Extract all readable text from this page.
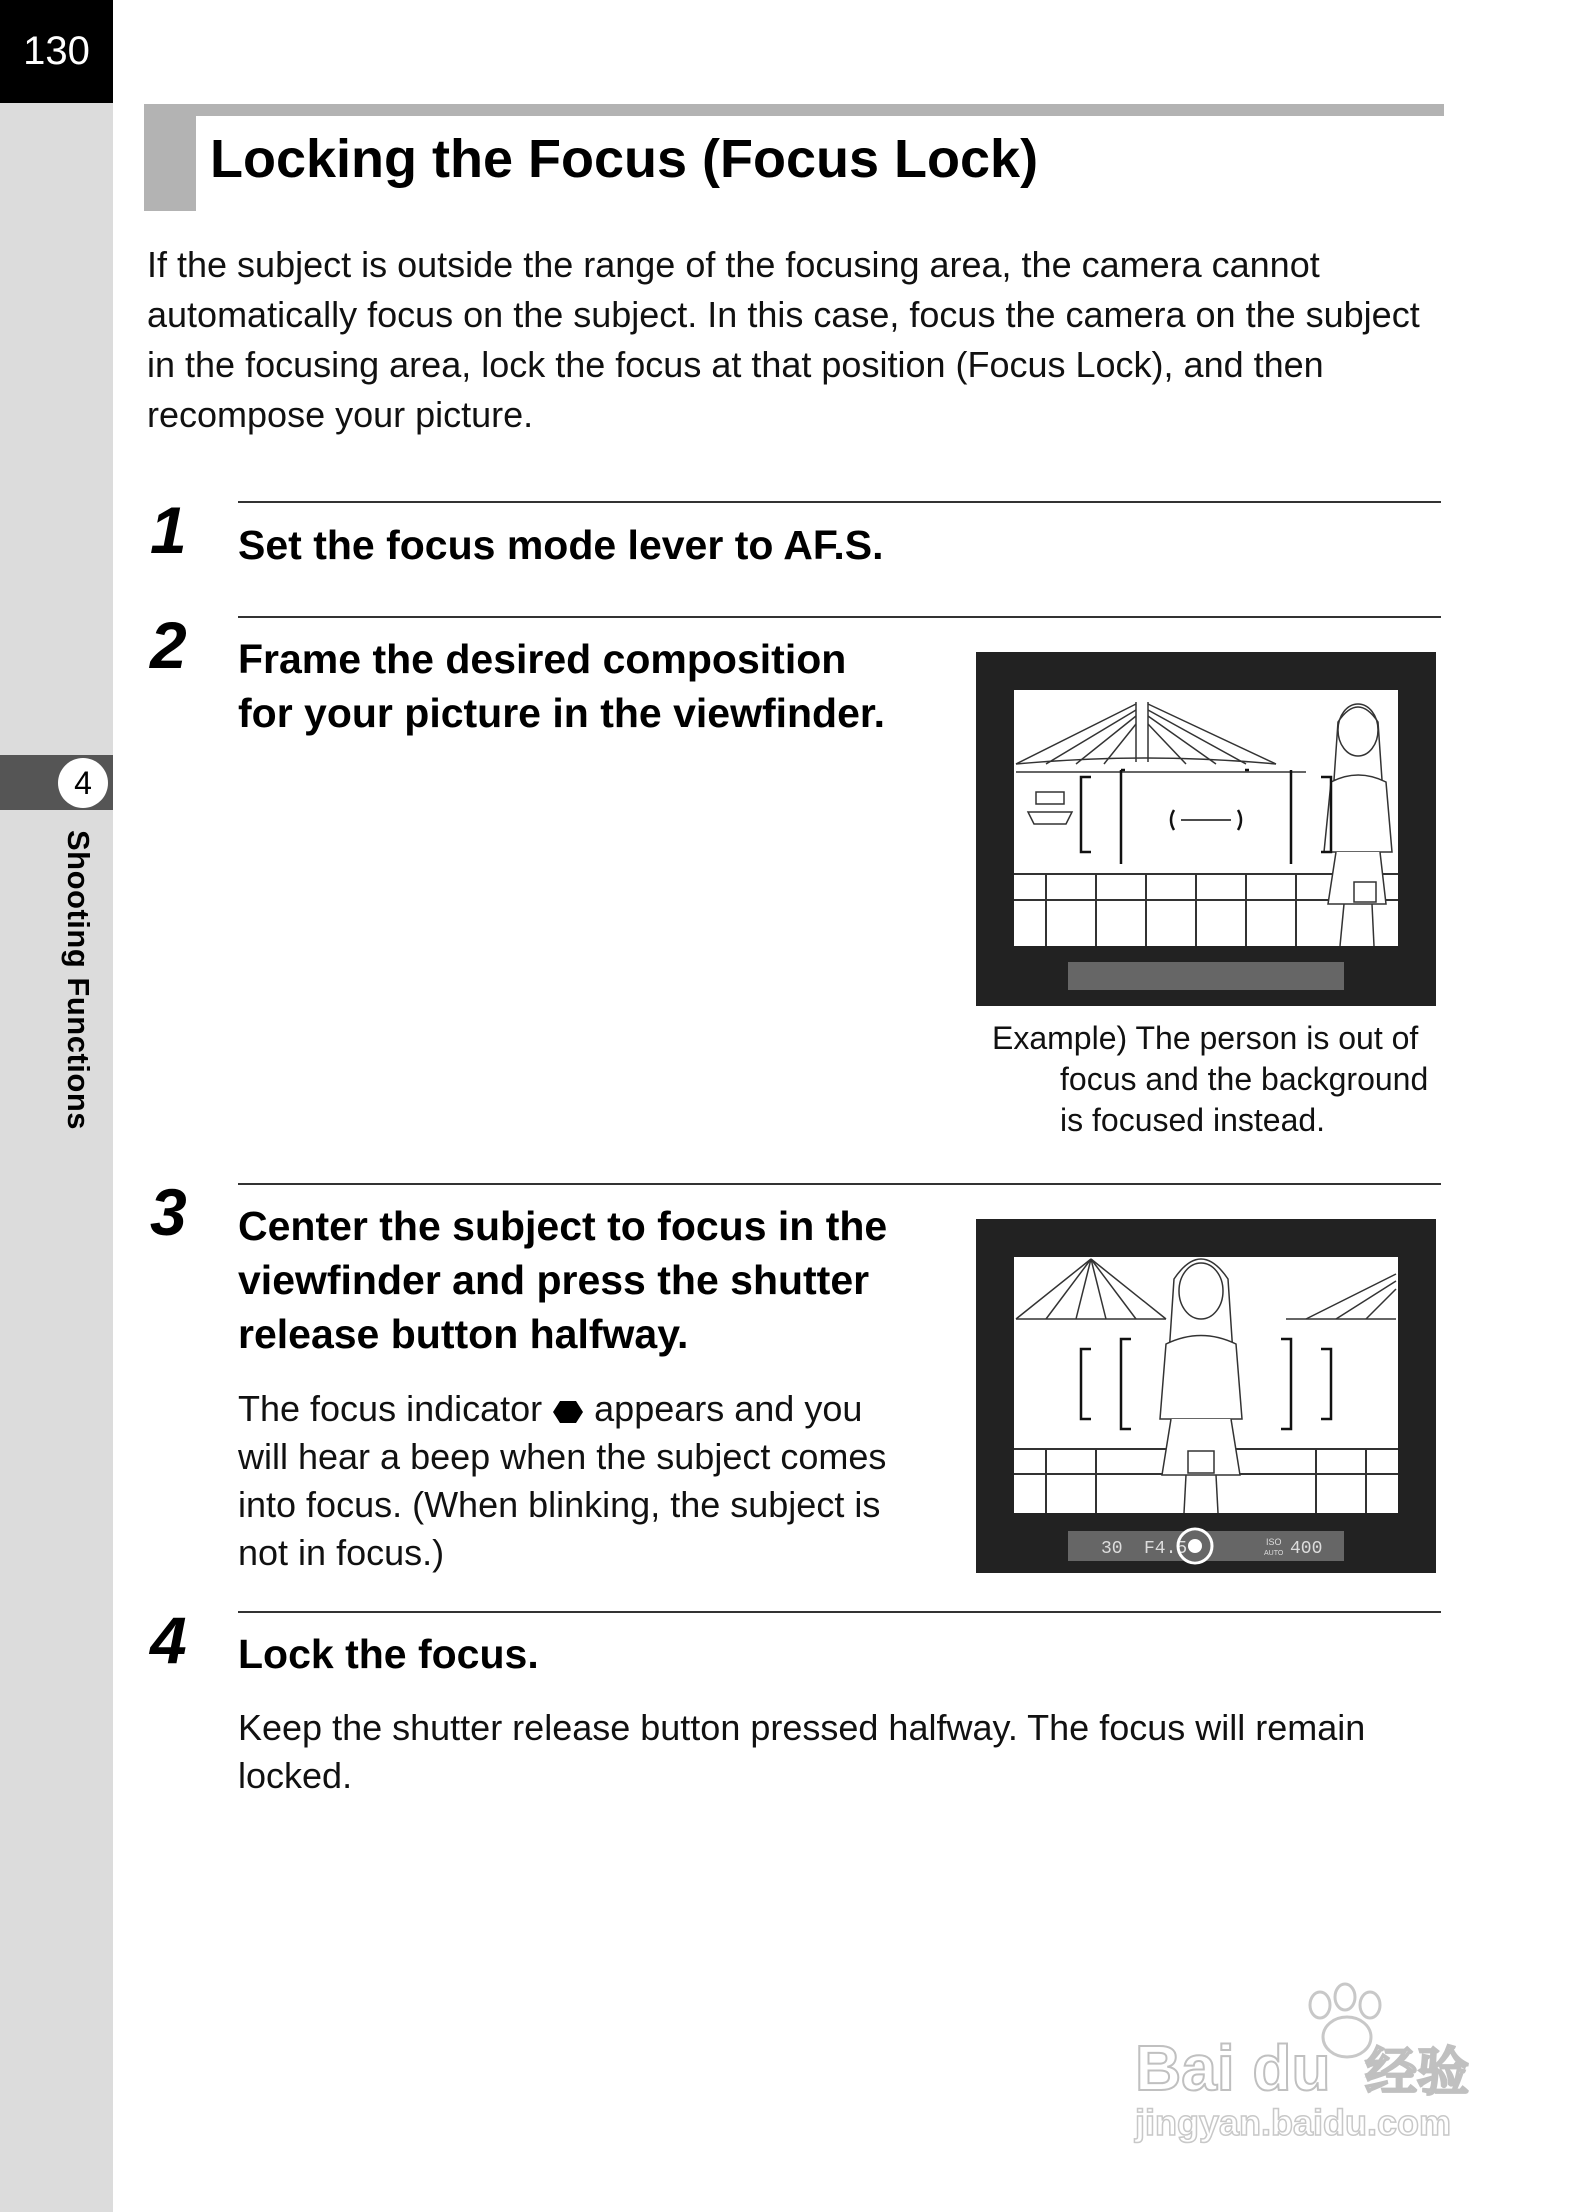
130
4
Shooting Functions
Locking the Focus (Focus Lock)

If the subject is outside the range of the focusing area, the camera cannot automatically focus on the subject. In this case, focus the camera on the subject in the focusing area, lock the focus at that position (Focus Lock), and then recompose your picture.

1 Set the focus mode lever to AF.S.

2 Frame the desired composition
for your picture in the viewfinder.

Example) The person is out of
focus and the background
is focused instead.

3 Center the subject to focus in the
viewfinder and press the shutter
release button halfway.

The focus indicator  appears and you
will hear a beep when the subject comes
into focus. (When blinking, the subject is
not in focus.)	30 F4.5	ISO
AUTO 400
4 Lock the focus.

Keep the shutter release button pressed halfway. The focus will remain
locked.

Bai du 经验
jingyan.baidu.com
